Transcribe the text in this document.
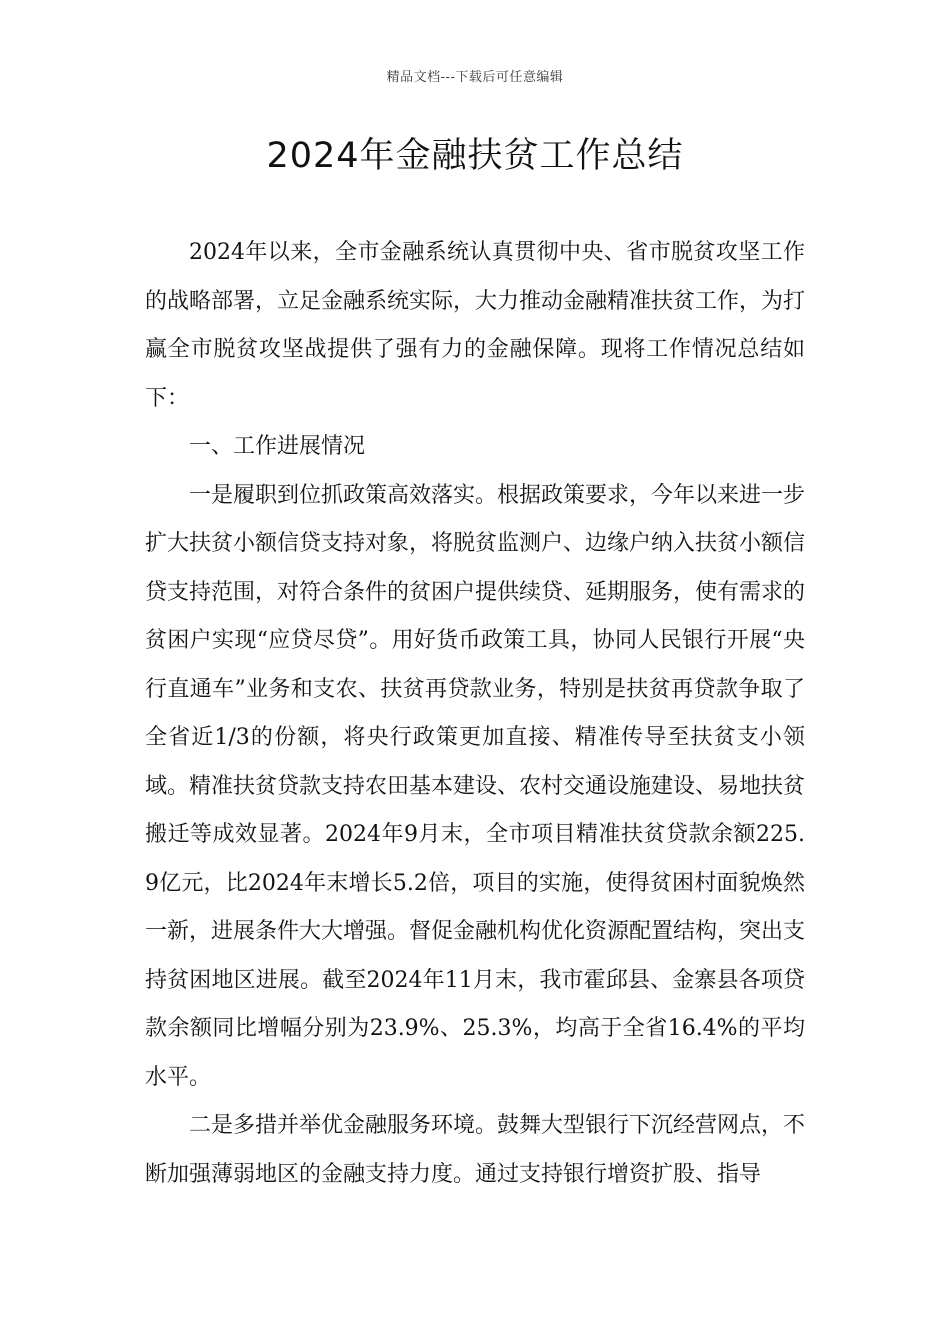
精品文档---下载后可任意编辑
2024年金融扶贫工作总结

2024年以来，全市金融系统认真贯彻中央、省市脱贫攻坚工作的战略部署，立足金融系统实际，大力推动金融精准扶贫工作，为打赢全市脱贫攻坚战提供了强有力的金融保障。现将工作情况总结如下：

一、工作进展情况

一是履职到位抓政策高效落实。根据政策要求，今年以来进一步扩大扶贫小额信贷支持对象，将脱贫监测户、边缘户纳入扶贫小额信贷支持范围，对符合条件的贫困户提供续贷、延期服务，使有需求的贫困户实现“应贷尽贷”。用好货币政策工具，协同人民银行开展“央行直通车”业务和支农、扶贫再贷款业务，特别是扶贫再贷款争取了全省近1/3的份额，将央行政策更加直接、精准传导至扶贫支小领域。精准扶贫贷款支持农田基本建设、农村交通设施建设、易地扶贫搬迁等成效显著。2024年9月末，全市项目精准扶贫贷款余额225.9亿元，比2024年末增长5.2倍，项目的实施，使得贫困村面貌焕然一新，进展条件大大增强。督促金融机构优化资源配置结构，突出支持贫困地区进展。截至2024年11月末，我市霍邱县、金寨县各项贷款余额同比增幅分别为23.9%、25.3%，均高于全省16.4%的平均水平。

二是多措并举优金融服务环境。鼓舞大型银行下沉经营网点，不断加强薄弱地区的金融支持力度。通过支持银行增资扩股、指导
